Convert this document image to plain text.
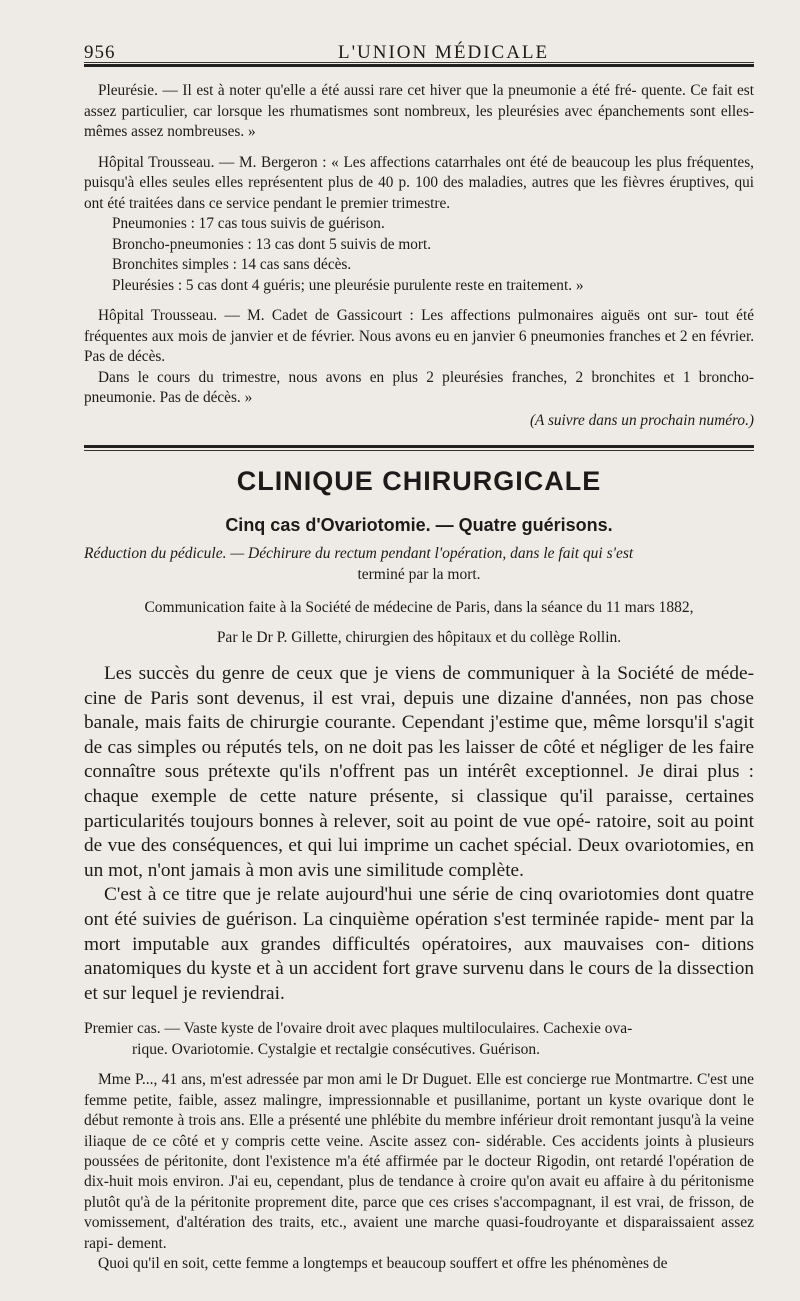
956	L'UNION MÉDICALE

Pleurésie. — Il est à noter qu'elle a été aussi rare cet hiver que la pneumonie a été fré- quente. Ce fait est assez particulier, car lorsque les rhumatismes sont nombreux, les pleurésies avec épanchements sont elles-mêmes assez nombreuses. »

Hôpital Trousseau. — M. Bergeron : « Les affections catarrhales ont été de beaucoup les plus fréquentes, puisqu'à elles seules elles représentent plus de 40 p. 100 des maladies, autres que les fièvres éruptives, qui ont été traitées dans ce service pendant le premier trimestre.

Pneumonies : 17 cas tous suivis de guérison.

Broncho-pneumonies : 13 cas dont 5 suivis de mort.

Bronchites simples : 14 cas sans décès.

Pleurésies : 5 cas dont 4 guéris; une pleurésie purulente reste en traitement. »

Hôpital Trousseau. — M. Cadet de Gassicourt : Les affections pulmonaires aiguës ont sur- tout été fréquentes aux mois de janvier et de février. Nous avons eu en janvier 6 pneumonies franches et 2 en février. Pas de décès.

Dans le cours du trimestre, nous avons en plus 2 pleurésies franches, 2 bronchites et 1 broncho-pneumonie. Pas de décès. »

(A suivre dans un prochain numéro.)
CLINIQUE CHIRURGICALE
Cinq cas d'Ovariotomie. — Quatre guérisons.
Réduction du pédicule. — Déchirure du rectum pendant l'opération, dans le fait qui s'est
terminé par la mort.
Communication faite à la Société de médecine de Paris, dans la séance du 11 mars 1882,
Par le Dr P. Gillette, chirurgien des hôpitaux et du collège Rollin.

Les succès du genre de ceux que je viens de communiquer à la Société de méde- cine de Paris sont devenus, il est vrai, depuis une dizaine d'années, non pas chose banale, mais faits de chirurgie courante. Cependant j'estime que, même lorsqu'il s'agit de cas simples ou réputés tels, on ne doit pas les laisser de côté et négliger de les faire connaître sous prétexte qu'ils n'offrent pas un intérêt exceptionnel. Je dirai plus : chaque exemple de cette nature présente, si classique qu'il paraisse, certaines particularités toujours bonnes à relever, soit au point de vue opé- ratoire, soit au point de vue des conséquences, et qui lui imprime un cachet spécial. Deux ovariotomies, en un mot, n'ont jamais à mon avis une similitude complète.

C'est à ce titre que je relate aujourd'hui une série de cinq ovariotomies dont quatre ont été suivies de guérison. La cinquième opération s'est terminée rapide- ment par la mort imputable aux grandes difficultés opératoires, aux mauvaises con- ditions anatomiques du kyste et à un accident fort grave survenu dans le cours de la dissection et sur lequel je reviendrai.

Premier cas. — Vaste kyste de l'ovaire droit avec plaques multiloculaires. Cachexie ova-
rique. Ovariotomie. Cystalgie et rectalgie consécutives. Guérison.

Mme P..., 41 ans, m'est adressée par mon ami le Dr Duguet. Elle est concierge rue Montmartre. C'est une femme petite, faible, assez malingre, impressionnable et pusillanime, portant un kyste ovarique dont le début remonte à trois ans. Elle a présenté une phlébite du membre inférieur droit remontant jusqu'à la veine iliaque de ce côté et y compris cette veine. Ascite assez con- sidérable. Ces accidents joints à plusieurs poussées de péritonite, dont l'existence m'a été affirmée par le docteur Rigodin, ont retardé l'opération de dix-huit mois environ. J'ai eu, cependant, plus de tendance à croire qu'on avait eu affaire à du péritonisme plutôt qu'à de la péritonite proprement dite, parce que ces crises s'accompagnant, il est vrai, de frisson, de vomissement, d'altération des traits, etc., avaient une marche quasi-foudroyante et disparaissaient assez rapi- dement.

Quoi qu'il en soit, cette femme a longtemps et beaucoup souffert et offre les phénomènes de
